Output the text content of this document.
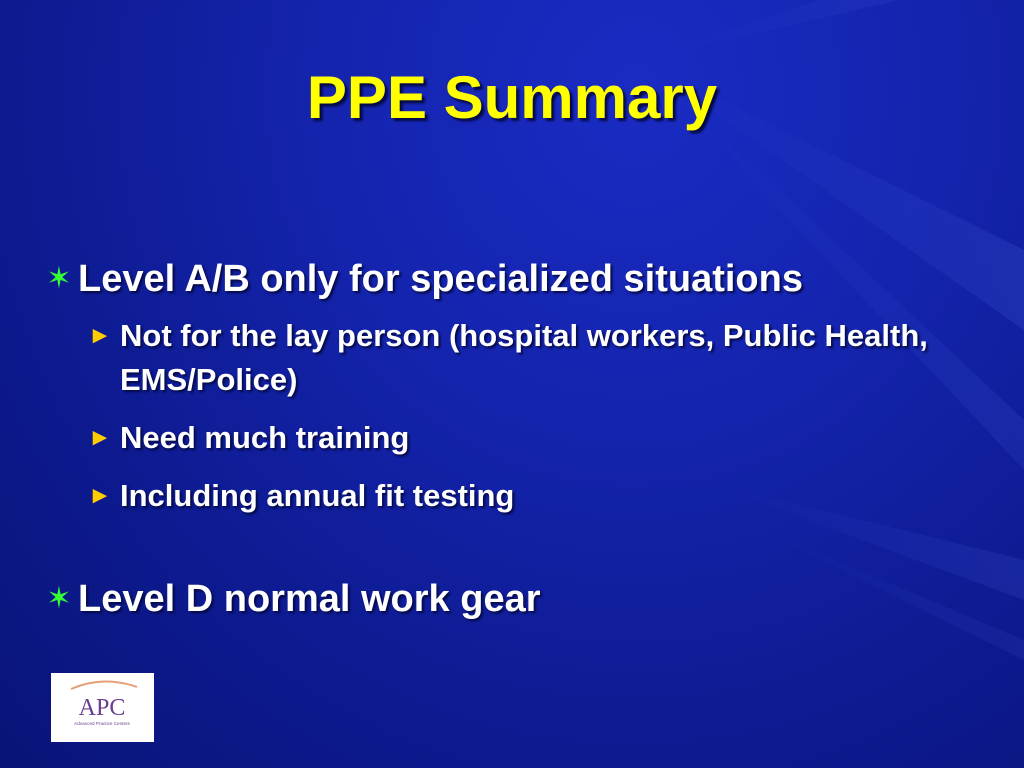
PPE Summary
✶ Level A/B only for specialized situations
► Not for the lay person (hospital workers, Public Health, EMS/Police)
► Need much training
► Including annual fit testing
✶ Level D normal work gear
APC
Advanced Practice Centers
